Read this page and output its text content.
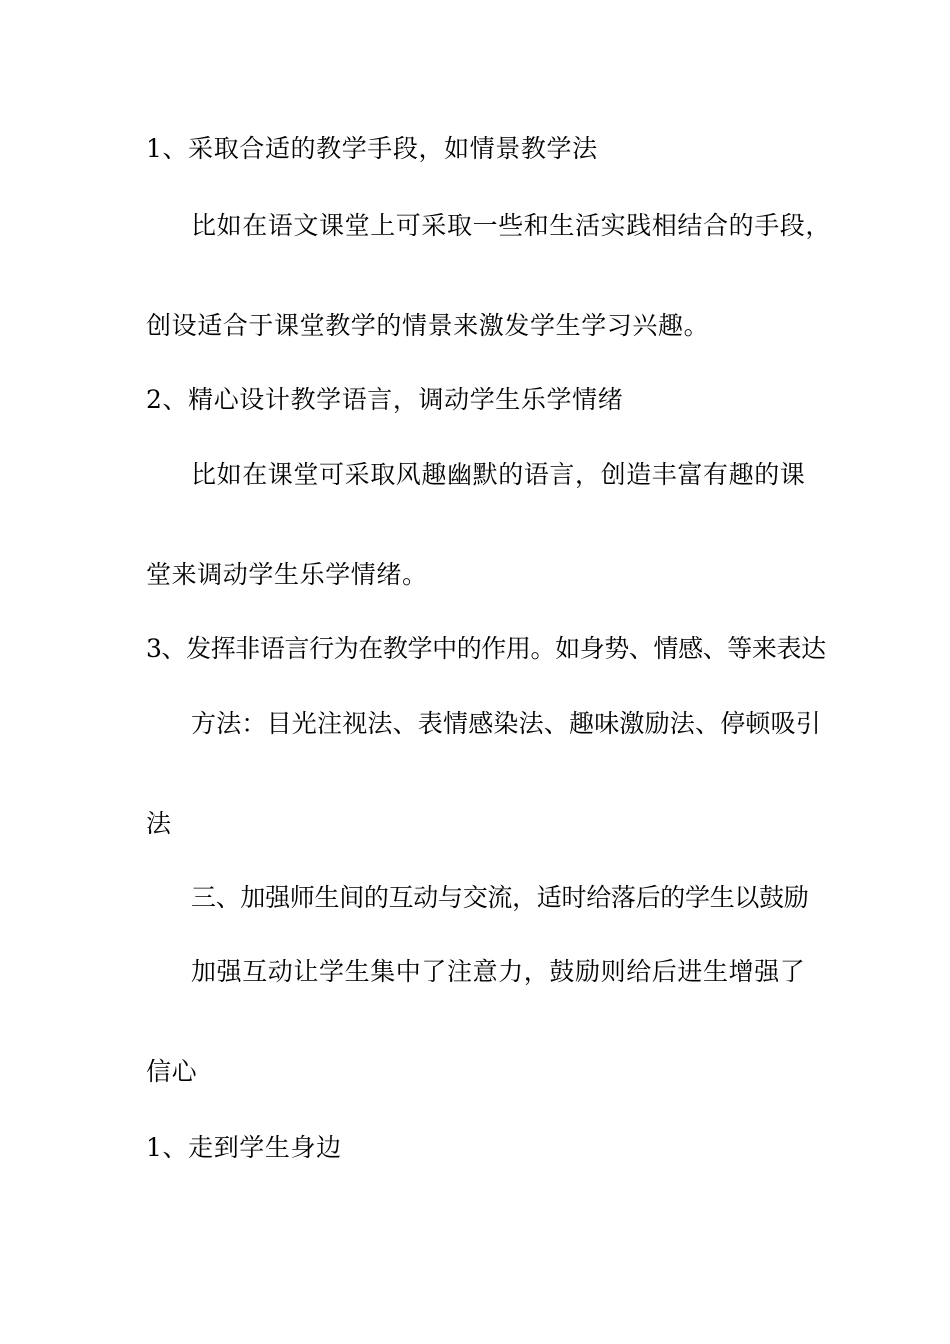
1、采取合适的教学手段，如情景教学法

比如在语文课堂上可采取一些和生活实践相结合的手段，

创设适合于课堂教学的情景来激发学生学习兴趣。

2、精心设计教学语言，调动学生乐学情绪

比如在课堂可采取风趣幽默的语言，创造丰富有趣的课

堂来调动学生乐学情绪。

3、发挥非语言行为在教学中的作用。如身势、情感、等来表达

方法：目光注视法、表情感染法、趣味激励法、停顿吸引

法

三、加强师生间的互动与交流，适时给落后的学生以鼓励

加强互动让学生集中了注意力，鼓励则给后进生增强了

信心

1、走到学生身边
